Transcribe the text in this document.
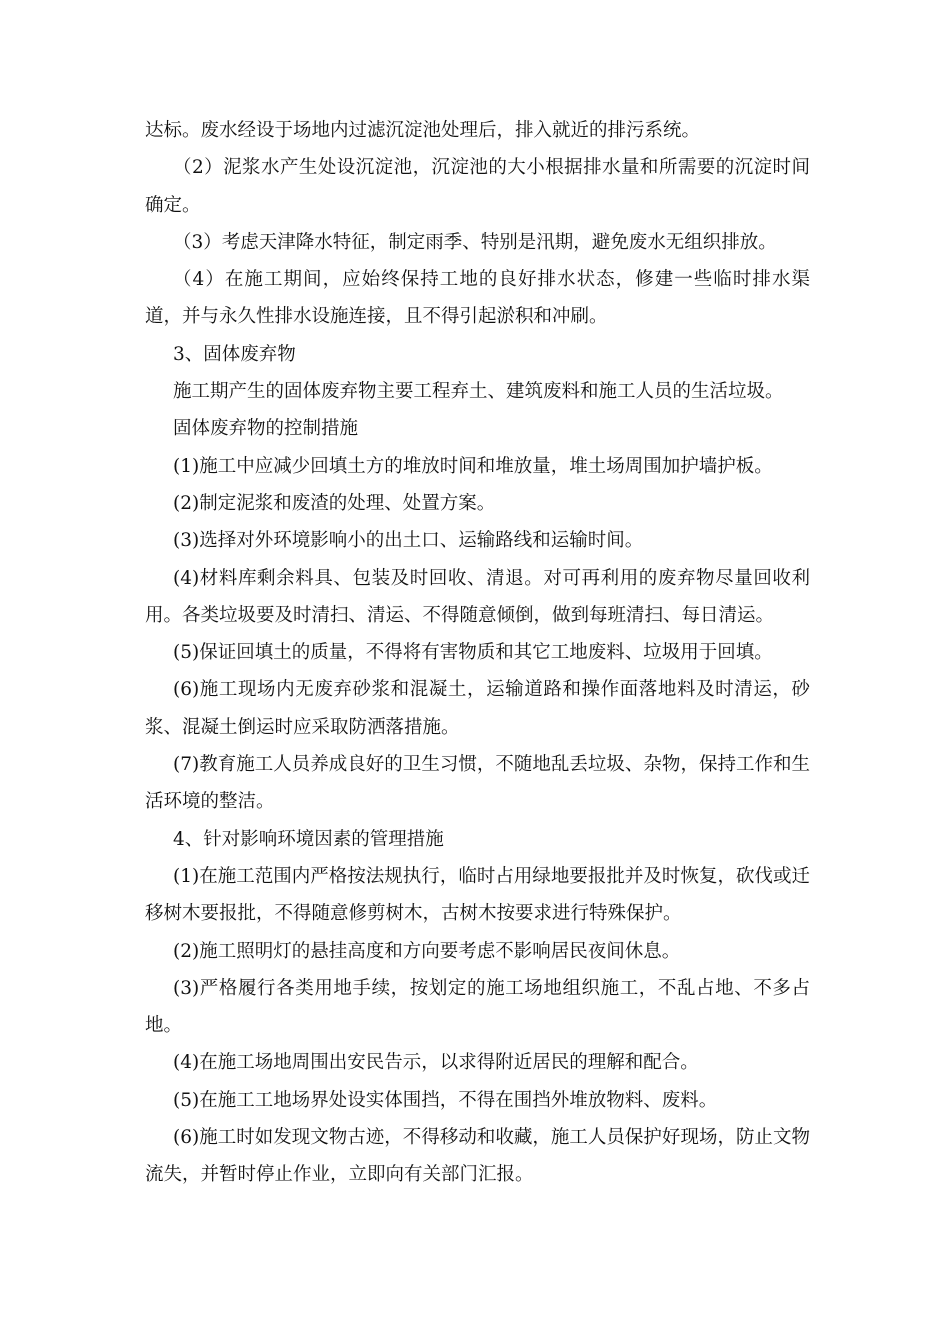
达标。废水经设于场地内过滤沉淀池处理后，排入就近的排污系统。

（2）泥浆水产生处设沉淀池，沉淀池的大小根据排水量和所需要的沉淀时间确定。

（3）考虑天津降水特征，制定雨季、特别是汛期，避免废水无组织排放。

（4）在施工期间，应始终保持工地的良好排水状态，修建一些临时排水渠道，并与永久性排水设施连接，且不得引起淤积和冲刷。

3、固体废弃物

施工期产生的固体废弃物主要工程弃土、建筑废料和施工人员的生活垃圾。

固体废弃物的控制措施

(1)施工中应减少回填土方的堆放时间和堆放量，堆土场周围加护墙护板。

(2)制定泥浆和废渣的处理、处置方案。

(3)选择对外环境影响小的出土口、运输路线和运输时间。

(4)材料库剩余料具、包装及时回收、清退。对可再利用的废弃物尽量回收利用。各类垃圾要及时清扫、清运、不得随意倾倒，做到每班清扫、每日清运。

(5)保证回填土的质量，不得将有害物质和其它工地废料、垃圾用于回填。

(6)施工现场内无废弃砂浆和混凝土，运输道路和操作面落地料及时清运，砂浆、混凝土倒运时应采取防洒落措施。

(7)教育施工人员养成良好的卫生习惯，不随地乱丢垃圾、杂物，保持工作和生活环境的整洁。

4、针对影响环境因素的管理措施

(1)在施工范围内严格按法规执行，临时占用绿地要报批并及时恢复，砍伐或迁移树木要报批，不得随意修剪树木，古树木按要求进行特殊保护。

(2)施工照明灯的悬挂高度和方向要考虑不影响居民夜间休息。

(3)严格履行各类用地手续，按划定的施工场地组织施工，不乱占地、不多占地。

(4)在施工场地周围出安民告示，以求得附近居民的理解和配合。

(5)在施工工地场界处设实体围挡，不得在围挡外堆放物料、废料。

(6)施工时如发现文物古迹，不得移动和收藏，施工人员保护好现场，防止文物流失，并暂时停止作业，立即向有关部门汇报。
